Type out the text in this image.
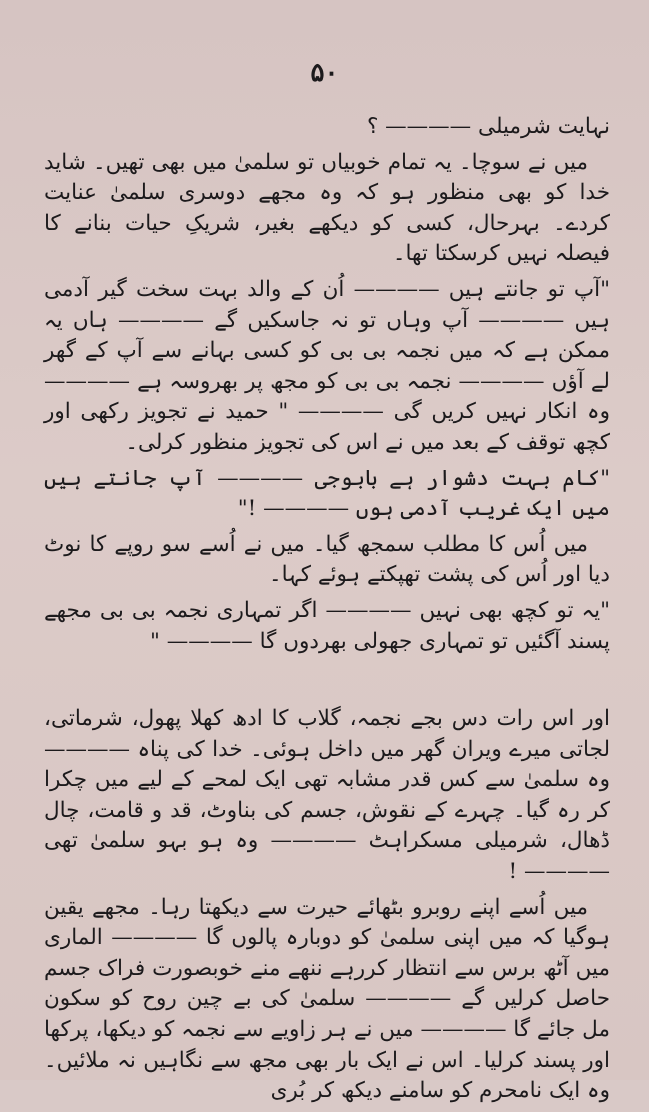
۵۰

نہایت شرمیلی ———— ؟

میں نے سوچا۔ یہ تمام خوبیاں تو سلمیٰ میں بھی تھیں۔ شاید خدا کو بھی منظور ہو کہ وہ مجھے دوسری سلمیٰ عنایت کردے۔ بہرحال، کسی کو دیکھے بغیر، شریکِ حیات بنانے کا فیصلہ نہیں کرسکتا تھا۔

"آپ تو جانتے ہیں ———— اُن کے والد بہت سخت گیر آدمی ہیں ———— آپ وہاں تو نہ جاسکیں گے ———— ہاں یہ ممکن ہے کہ میں نجمہ بی بی کو کسی بہانے سے آپ کے گھر لے آؤں ———— نجمہ بی بی کو مجھ پر بھروسہ ہے ———— وہ انکار نہیں کریں گی ———— " حمید نے تجویز رکھی اور کچھ توقف کے بعد میں نے اس کی تجویز منظور کرلی۔

"کام بہت دشوار ہے بابوجی ———— آپ جانتے ہیں میں ایک غریب آدمی ہوں ———— !"

میں اُس کا مطلب سمجھ گیا۔ میں نے اُسے سو روپے کا نوٹ دیا اور اُس کی پشت تھپکتے ہوئے کہا۔

"یہ تو کچھ بھی نہیں ———— اگر تمہاری نجمہ بی بی مجھے پسند آگئیں تو تمہاری جھولی بھردوں گا ———— "

اور اس رات دس بجے نجمہ، گلاب کا ادھ کھلا پھول، شرماتی، لجاتی میرے ویران گھر میں داخل ہوئی۔ خدا کی پناہ ———— وہ سلمیٰ سے کس قدر مشابہ تھی ایک لمحے کے لیے میں چکرا کر رہ گیا۔ چہرے کے نقوش، جسم کی بناوٹ، قد و قامت، چال ڈھال، شرمیلی مسکراہٹ ———— وہ ہو بہو سلمیٰ تھی ———— !

میں اُسے اپنے روبرو بٹھائے حیرت سے دیکھتا رہا۔ مجھے یقین ہوگیا کہ میں اپنی سلمیٰ کو دوبارہ پالوں گا ———— الماری میں آٹھ برس سے انتظار کررہے ننھے منے خوبصورت فراک جسم حاصل کرلیں گے ———— سلمیٰ کی بے چین روح کو سکون مل جائے گا ———— میں نے ہر زاویے سے نجمہ کو دیکھا، پرکھا اور پسند کرلیا۔ اس نے ایک بار بھی مجھ سے نگاہیں نہ ملائیں۔ وہ ایک نامحرم کو سامنے دیکھ کر بُری
